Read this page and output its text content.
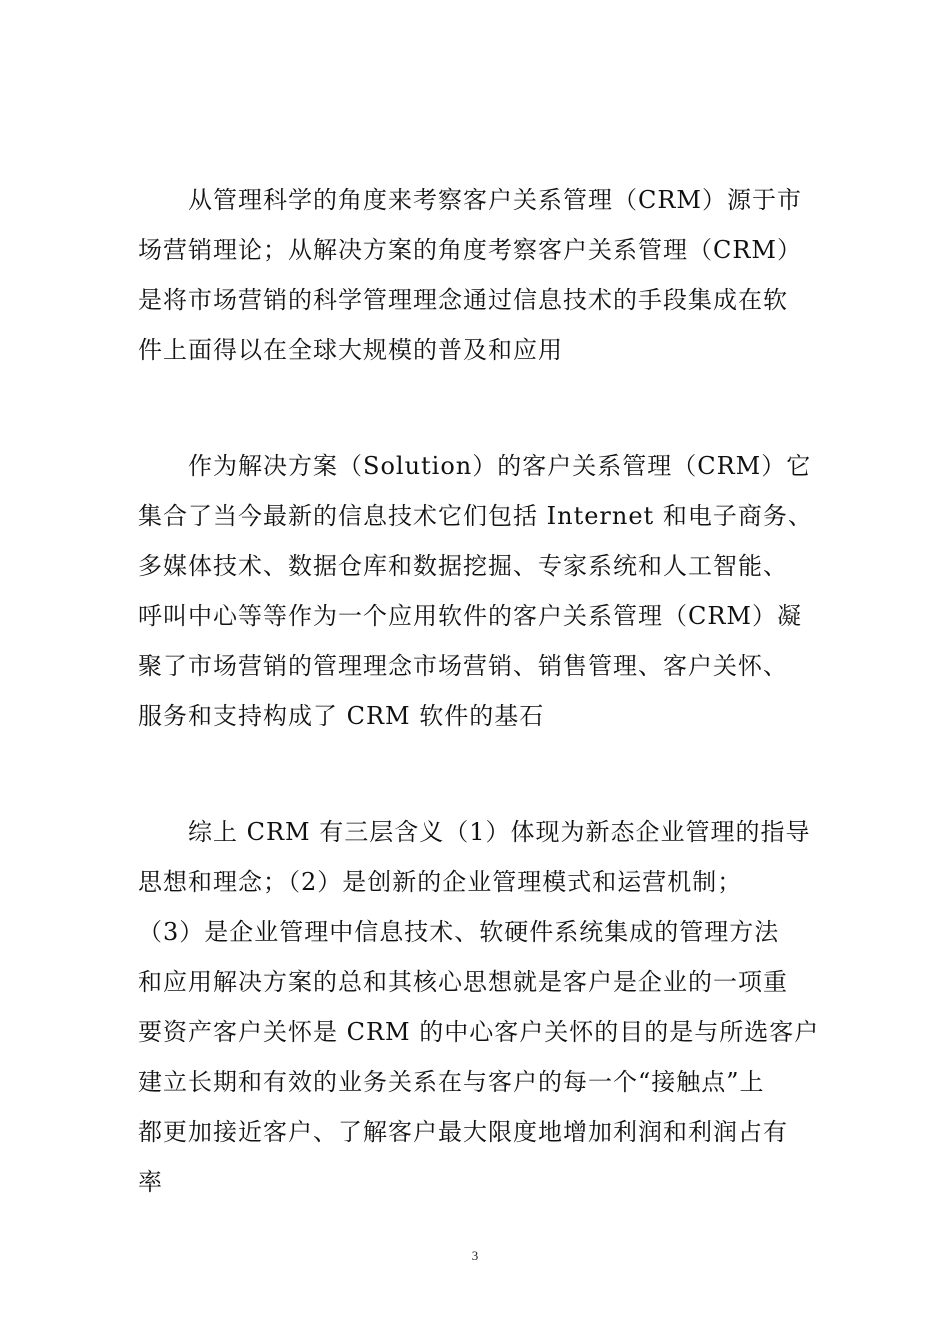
从管理科学的角度来考察客户关系管理（CRM）源于市
场营销理论；从解决方案的角度考察客户关系管理（CRM）
是将市场营销的科学管理理念通过信息技术的手段集成在软
件上面得以在全球大规模的普及和应用

作为解决方案（Solution）的客户关系管理（CRM）它
集合了当今最新的信息技术它们包括 Internet 和电子商务、
多媒体技术、数据仓库和数据挖掘、专家系统和人工智能、
呼叫中心等等作为一个应用软件的客户关系管理（CRM）凝
聚了市场营销的管理理念市场营销、销售管理、客户关怀、
服务和支持构成了 CRM 软件的基石

综上 CRM 有三层含义（1）体现为新态企业管理的指导
思想和理念；（2）是创新的企业管理模式和运营机制；
（3）是企业管理中信息技术、软硬件系统集成的管理方法
和应用解决方案的总和其核心思想就是客户是企业的一项重
要资产客户关怀是 CRM 的中心客户关怀的目的是与所选客户
建立长期和有效的业务关系在与客户的每一个“接触点”上
都更加接近客户、了解客户最大限度地增加利润和利润占有
率

3
